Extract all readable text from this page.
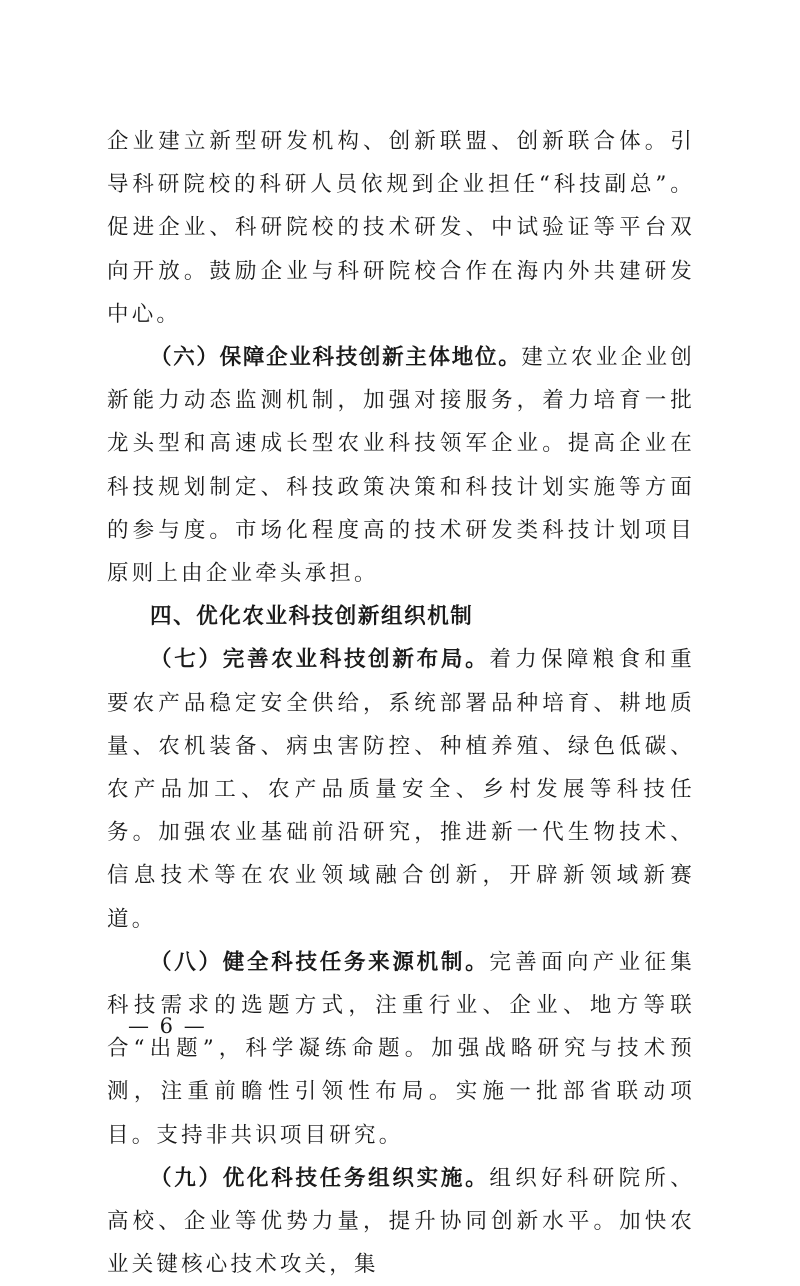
企业建立新型研发机构、创新联盟、创新联合体。引导科研院校的科研人员依规到企业担任“科技副总”。促进企业、科研院校的技术研发、中试验证等平台双向开放。鼓励企业与科研院校合作在海内外共建研发中心。

（六）保障企业科技创新主体地位。建立农业企业创新能力动态监测机制，加强对接服务，着力培育一批龙头型和高速成长型农业科技领军企业。提高企业在科技规划制定、科技政策决策和科技计划实施等方面的参与度。市场化程度高的技术研发类科技计划项目原则上由企业牵头承担。

四、优化农业科技创新组织机制

（七）完善农业科技创新布局。着力保障粮食和重要农产品稳定安全供给，系统部署品种培育、耕地质量、农机装备、病虫害防控、种植养殖、绿色低碳、农产品加工、农产品质量安全、乡村发展等科技任务。加强农业基础前沿研究，推进新一代生物技术、信息技术等在农业领域融合创新，开辟新领域新赛道。

（八）健全科技任务来源机制。完善面向产业征集科技需求的选题方式，注重行业、企业、地方等联合“出题”，科学凝练命题。加强战略研究与技术预测，注重前瞻性引领性布局。实施一批部省联动项目。支持非共识项目研究。

（九）优化科技任务组织实施。组织好科研院所、高校、企业等优势力量，提升协同创新水平。加快农业关键核心技术攻关，集

— 6 —
